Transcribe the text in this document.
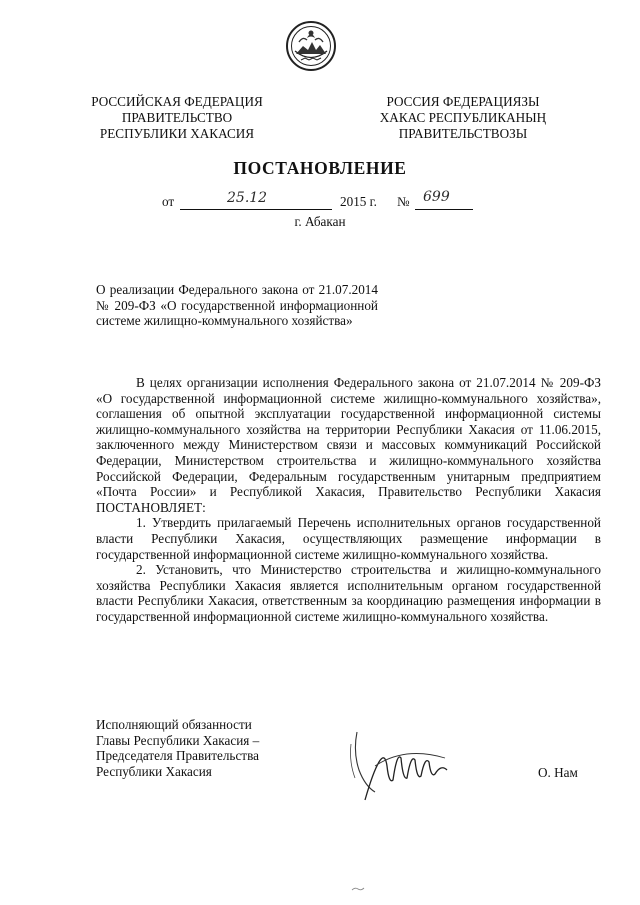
РОССИЙСКАЯ ФЕДЕРАЦИЯ
ПРАВИТЕЛЬСТВО
РЕСПУБЛИКИ ХАКАСИЯ
РОССИЯ ФЕДЕРАЦИЯЗЫ
ХАКАС РЕСПУБЛИКАНЫҢ
ПРАВИТЕЛЬСТВОЗЫ
ПОСТАНОВЛЕНИЕ
от	25.12	2015 г. № 699
г. Абакан
О реализации Федерального закона от 21.07.2014 № 209-ФЗ «О государственной информационной системе жилищно-коммунального хозяйства»

В целях организации исполнения Федерального закона от 21.07.2014 № 209-ФЗ «О государственной информационной системе жилищно-коммунального хозяйства», соглашения об опытной эксплуатации государственной информационной системы жилищно-коммунального хозяйства на территории Республики Хакасия от 11.06.2015, заключенного между Министерством связи и массовых коммуникаций Российской Федерации, Министерством строительства и жилищно-коммунального хозяйства Российской Федерации, Федеральным государственным унитарным предприятием «Почта России» и Республикой Хакасия, Правительство Республики Хакасия ПОСТАНОВЛЯЕТ:

1. Утвердить прилагаемый Перечень исполнительных органов государственной власти Республики Хакасия, осуществляющих размещение информации в государственной информационной системе жилищно-коммунального хозяйства.

2. Установить, что Министерство строительства и жилищно-коммунального хозяйства Республики Хакасия является исполнительным органом государственной власти Республики Хакасия, ответственным за координацию размещения информации в государственной информационной системе жилищно-коммунального хозяйства.

Исполняющий обязанности
Главы Республики Хакасия –
Председателя Правительства
Республики Хакасия	О. Нам
